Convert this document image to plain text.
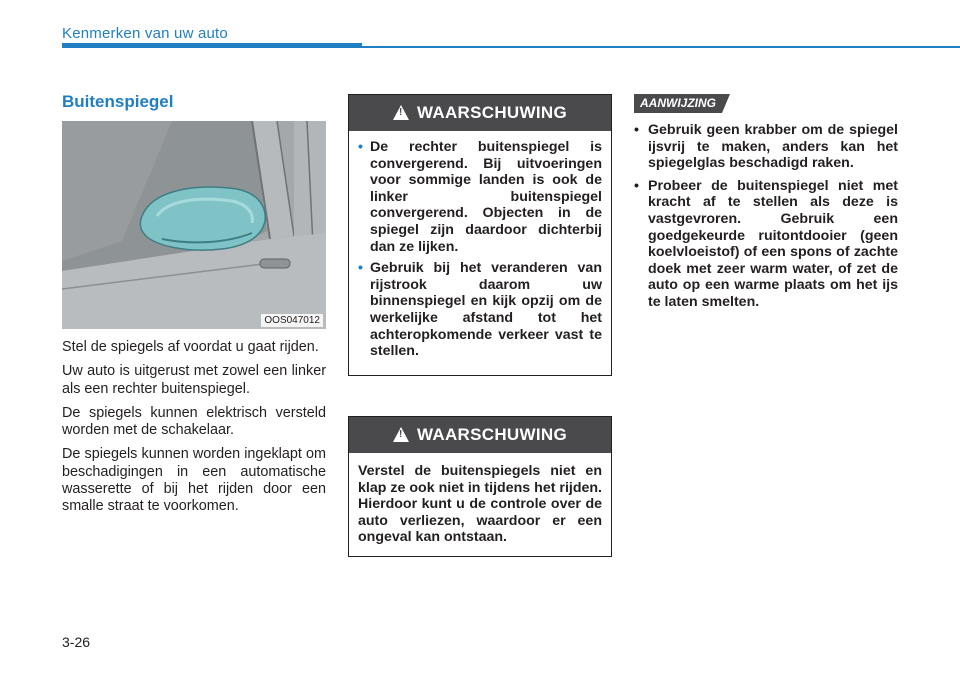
Kenmerken van uw auto
Buitenspiegel
OOS047012

Stel de spiegels af voordat u gaat rijden.

Uw auto is uitgerust met zowel een linker als een rechter buitenspiegel.

De spiegels kunnen elektrisch versteld worden met de schakelaar.

De spiegels kunnen worden ingeklapt om beschadigingen in een automatische wasserette of bij het rijden door een smalle straat te voorkomen.

!
WAARSCHUWING
• De rechter buitenspiegel is convergerend. Bij uitvoeringen voor sommige landen is ook de linker buitenspiegel convergerend. Objecten in de spiegel zijn daardoor dichterbij dan ze lijken.
• Gebruik bij het veranderen van rijstrook daarom uw binnenspiegel en kijk opzij om de werkelijke afstand tot het achteropkomende verkeer vast te stellen.
!
WAARSCHUWING

Verstel de buitenspiegels niet en klap ze ook niet in tijdens het rijden. Hierdoor kunt u de controle over de auto verliezen, waardoor er een ongeval kan ontstaan.

AANWIJZING
• Gebruik geen krabber om de spiegel ijsvrij te maken, anders kan het spiegelglas beschadigd raken.
• Probeer de buitenspiegel niet met kracht af te stellen als deze is vastgevroren. Gebruik een goedgekeurde ruitontdooier (geen koelvloeistof) of een spons of zachte doek met zeer warm water, of zet de auto op een warme plaats om het ijs te laten smelten.
3-26
